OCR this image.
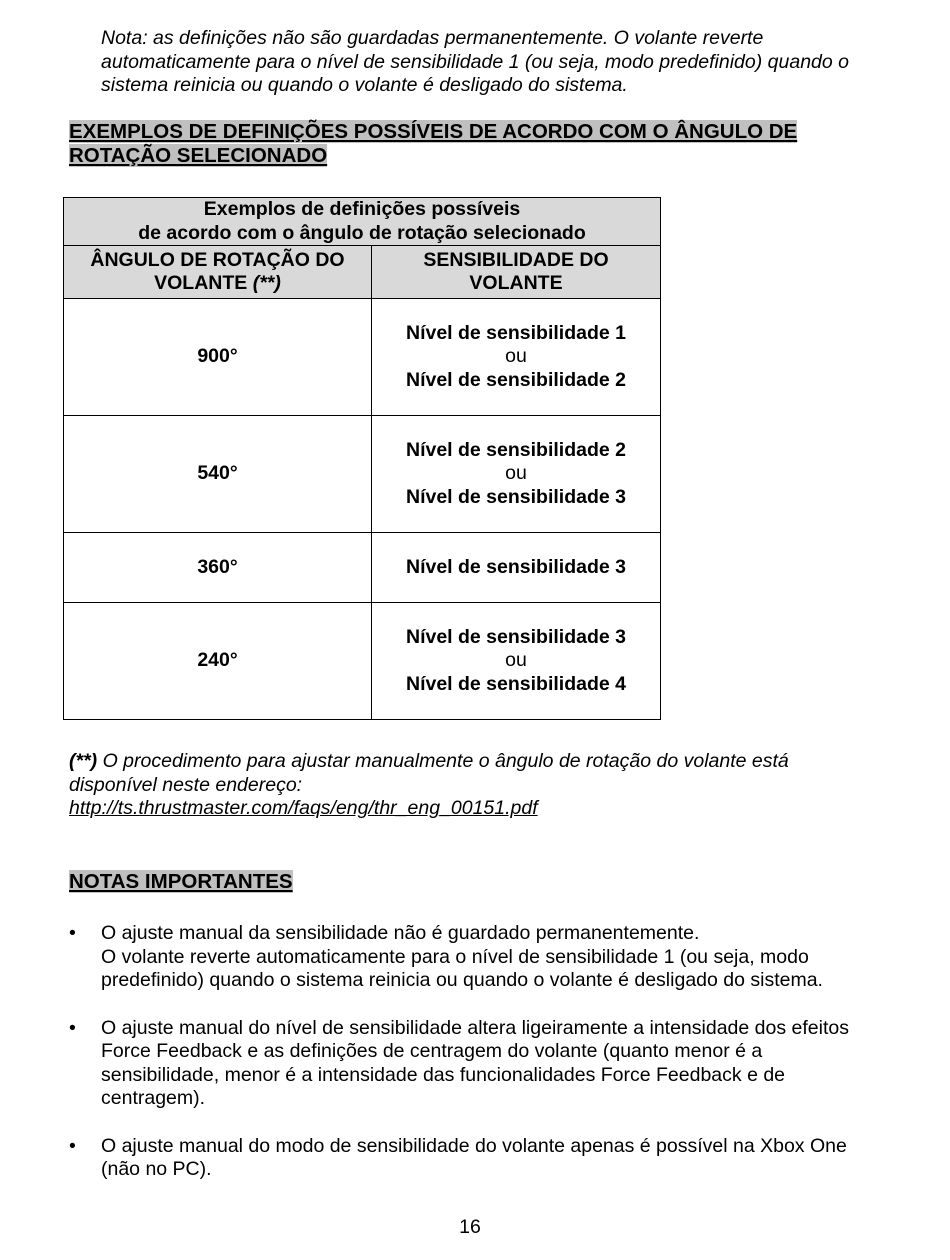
Nota: as definições não são guardadas permanentemente. O volante reverte automaticamente para o nível de sensibilidade 1 (ou seja, modo predefinido) quando o sistema reinicia ou quando o volante é desligado do sistema.

EXEMPLOS DE DEFINIÇÕES POSSÍVEIS DE ACORDO COM O ÂNGULO DE ROTAÇÃO SELECIONADO
Exemplos de definições possíveis
de acordo com o ângulo de rotação selecionado	
ÂNGULO DE ROTAÇÃO DO VOLANTE (**)	SENSIBILIDADE DO VOLANTE
900°	Nível de sensibilidade 1
ou
Nível de sensibilidade 2

540°	Nível de sensibilidade 2
ou
Nível de sensibilidade 3

360°	Nível de sensibilidade 3

240°	Nível de sensibilidade 3
ou
Nível de sensibilidade 4

(**) O procedimento para ajustar manualmente o ângulo de rotação do volante está disponível neste endereço:
http://ts.thrustmaster.com/faqs/eng/thr_eng_00151.pdf

NOTAS IMPORTANTES
• O ajuste manual da sensibilidade não é guardado permanentemente.
O volante reverte automaticamente para o nível de sensibilidade 1 (ou seja, modo predefinido) quando o sistema reinicia ou quando o volante é desligado do sistema.
• O ajuste manual do nível de sensibilidade altera ligeiramente a intensidade dos efeitos Force Feedback e as definições de centragem do volante (quanto menor é a sensibilidade, menor é a intensidade das funcionalidades Force Feedback e de centragem).
• O ajuste manual do modo de sensibilidade do volante apenas é possível na Xbox One (não no PC).
16
